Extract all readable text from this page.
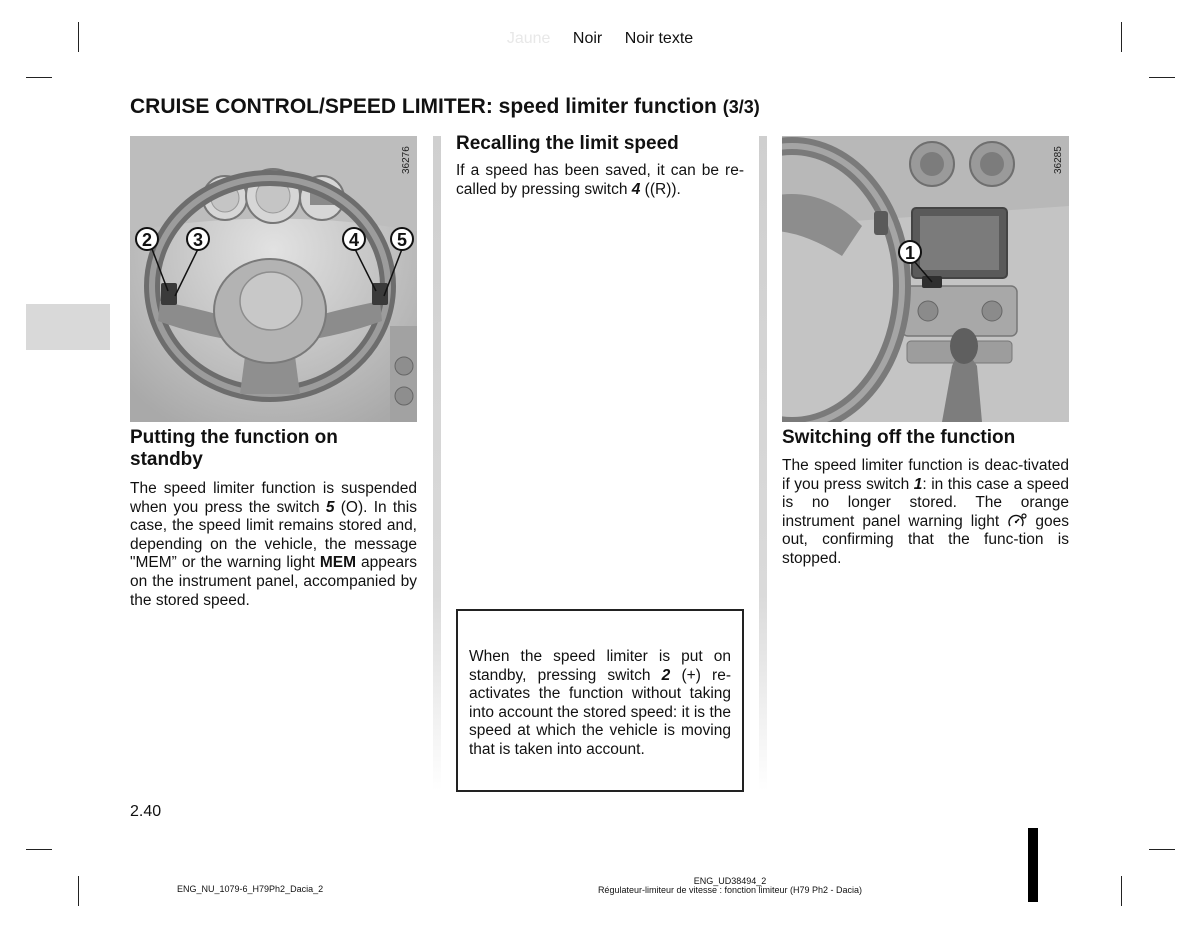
Jaune Noir Noir texte
CRUISE CONTROL/SPEED LIMITER: speed limiter function (3/3)
2 3	4 5
36276
Putting the function on standby

The speed limiter function is suspended when you press the switch 5 (O). In this case, the speed limit remains stored and, depending on the vehicle, the message "MEM” or the warning light MEM appears on the instrument panel, accompanied by the stored speed.

Recalling the limit speed

If a speed has been saved, it can be re-called by pressing switch 4 ((R)).

When the speed limiter is put on standby, pressing switch 2 (+) re-activates the function without taking into account the stored speed: it is the speed at which the vehicle is moving that is taken into account.

1
36285
Switching off the function

The speed limiter function is deac-tivated if you press switch 1: in this case a speed is no longer stored. The orange instrument panel warning light  goes out, confirming that the func-tion is stopped.

2.40
ENG_NU_1079-6_H79Ph2_Dacia_2
ENG_UD38494_2
Régulateur-limiteur de vitesse : fonction limiteur (H79 Ph2 - Dacia)
